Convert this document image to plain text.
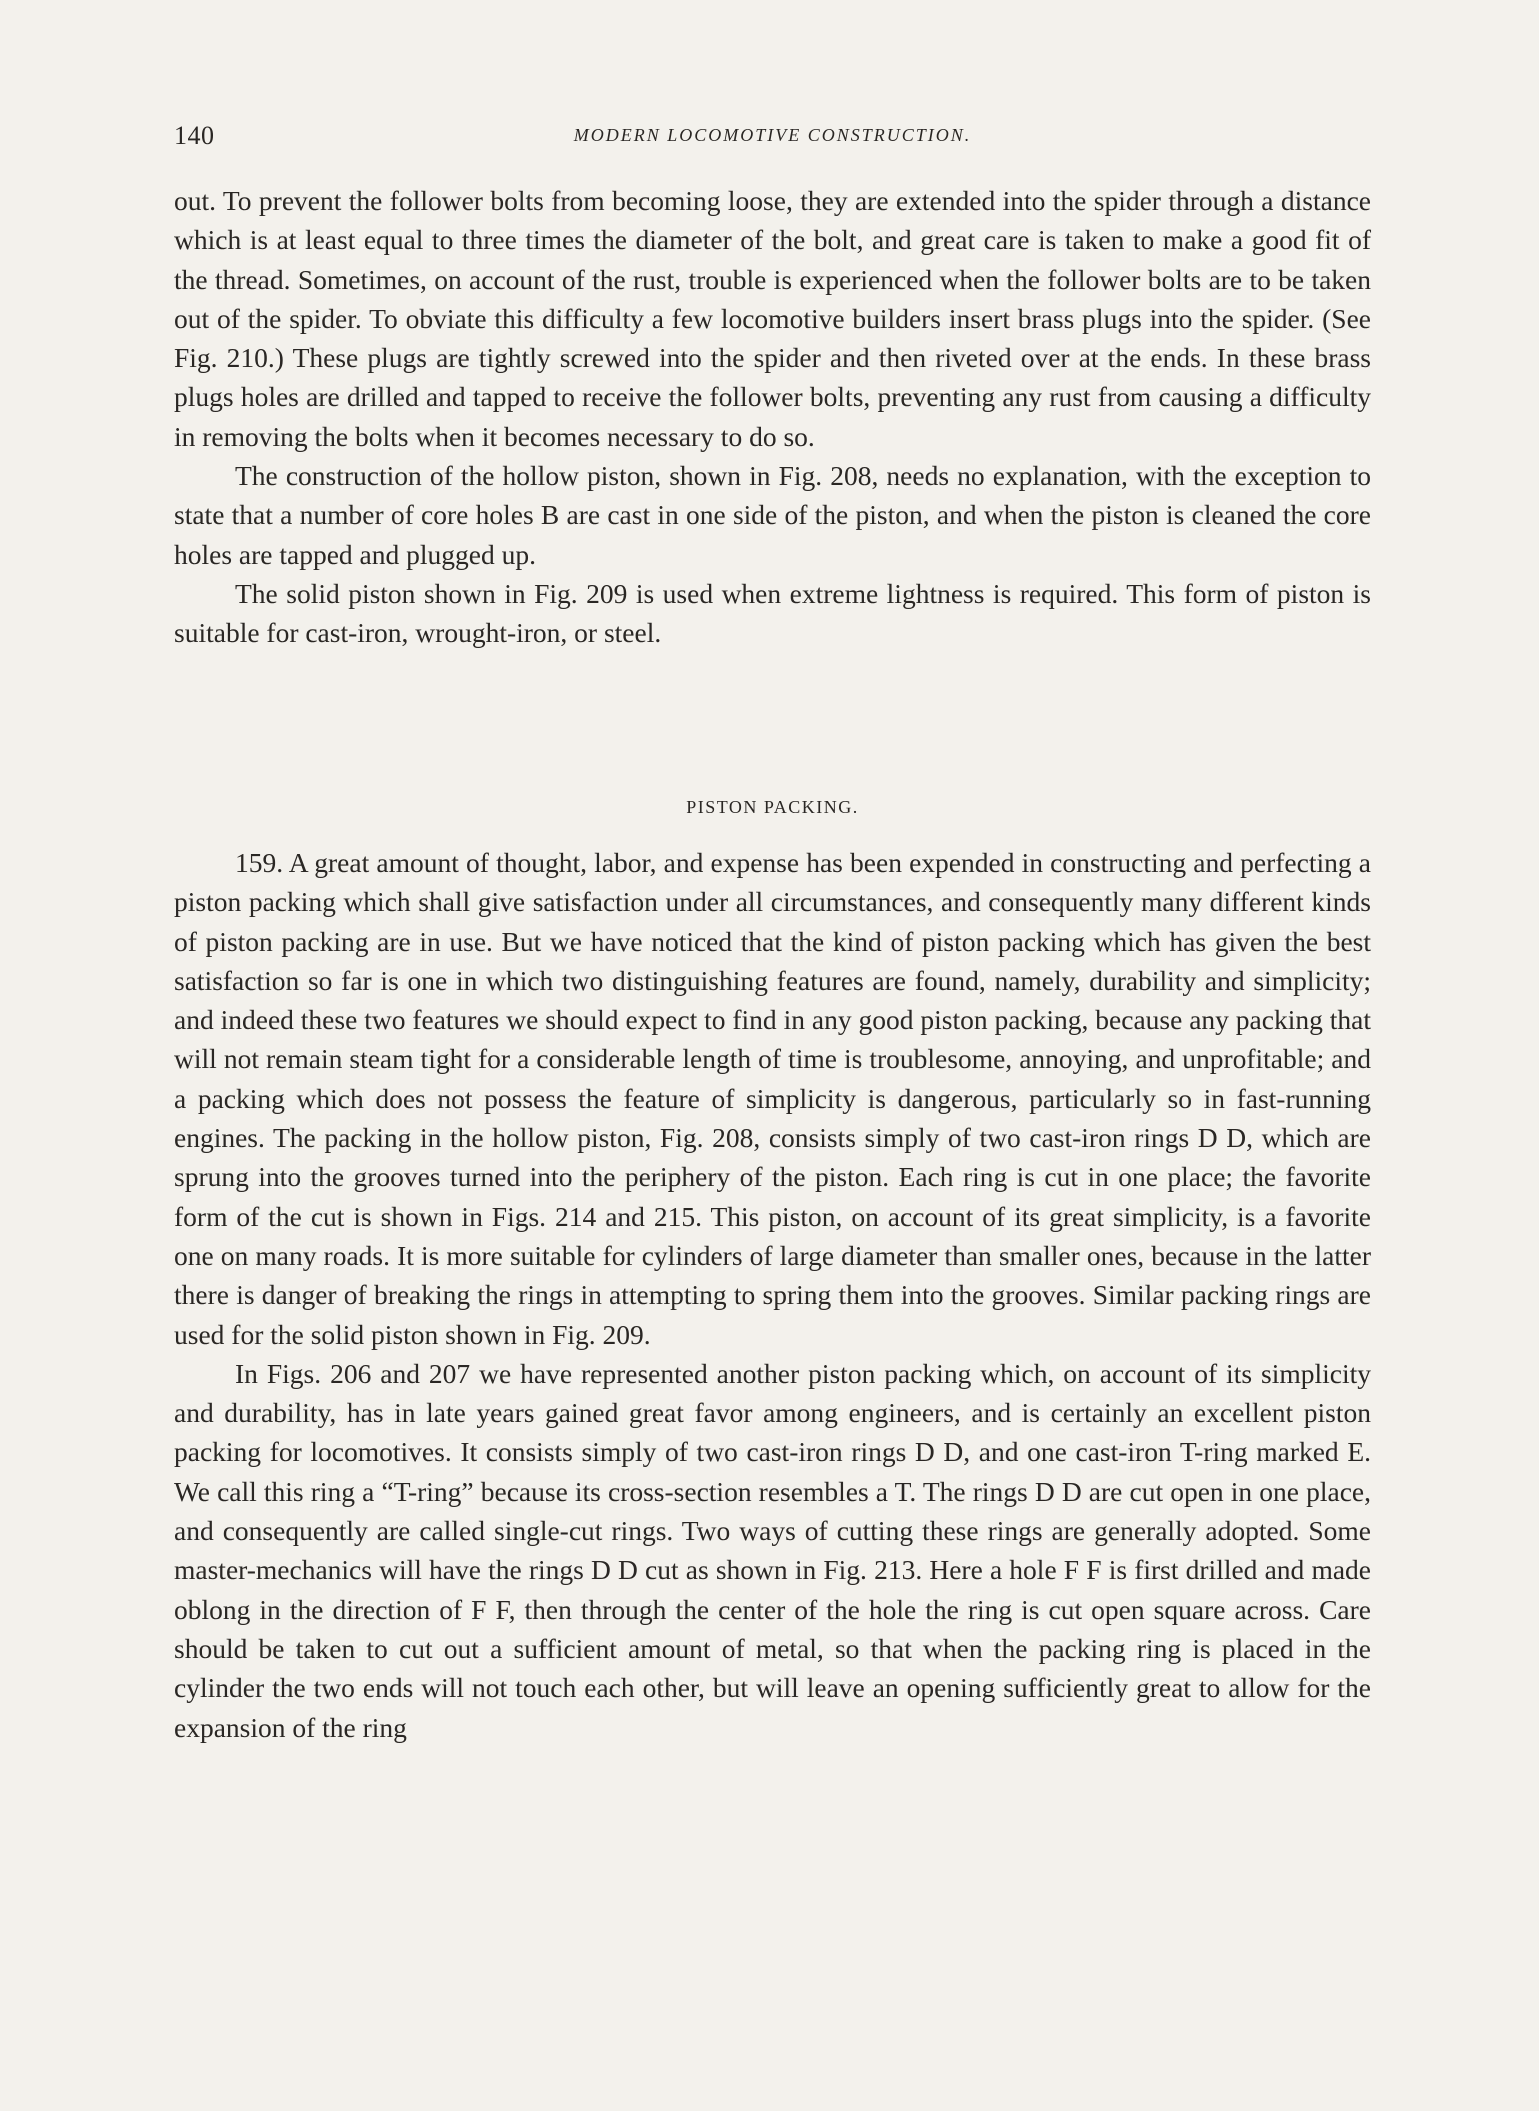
140	MODERN LOCOMOTIVE CONSTRUCTION.

out. To prevent the follower bolts from becoming loose, they are extended into the spider through a distance which is at least equal to three times the diameter of the bolt, and great care is taken to make a good fit of the thread. Sometimes, on account of the rust, trouble is experienced when the follower bolts are to be taken out of the spider. To obviate this difficulty a few locomotive builders insert brass plugs into the spider. (See Fig. 210.) These plugs are tightly screwed into the spider and then riveted over at the ends. In these brass plugs holes are drilled and tapped to receive the follower bolts, preventing any rust from causing a difficulty in removing the bolts when it becomes necessary to do so.

The construction of the hollow piston, shown in Fig. 208, needs no explanation, with the exception to state that a number of core holes B are cast in one side of the piston, and when the piston is cleaned the core holes are tapped and plugged up.

The solid piston shown in Fig. 209 is used when extreme lightness is required. This form of piston is suitable for cast-iron, wrought-iron, or steel.

PISTON PACKING.

159. A great amount of thought, labor, and expense has been expended in constructing and perfecting a piston packing which shall give satisfaction under all circumstances, and consequently many different kinds of piston packing are in use. But we have noticed that the kind of piston packing which has given the best satisfaction so far is one in which two distinguishing features are found, namely, durability and simplicity; and indeed these two features we should expect to find in any good piston packing, because any packing that will not remain steam tight for a considerable length of time is troublesome, annoying, and unprofitable; and a packing which does not possess the feature of simplicity is dangerous, particularly so in fast-running engines. The packing in the hollow piston, Fig. 208, consists simply of two cast-iron rings D D, which are sprung into the grooves turned into the periphery of the piston. Each ring is cut in one place; the favorite form of the cut is shown in Figs. 214 and 215. This piston, on account of its great simplicity, is a favorite one on many roads. It is more suitable for cylinders of large diameter than smaller ones, because in the latter there is danger of breaking the rings in attempting to spring them into the grooves. Similar packing rings are used for the solid piston shown in Fig. 209.

In Figs. 206 and 207 we have represented another piston packing which, on account of its simplicity and durability, has in late years gained great favor among engineers, and is certainly an excellent piston packing for locomotives. It consists simply of two cast-iron rings D D, and one cast-iron T-ring marked E. We call this ring a “T-ring” because its cross-section resembles a T. The rings D D are cut open in one place, and consequently are called single-cut rings. Two ways of cutting these rings are generally adopted. Some master-mechanics will have the rings D D cut as shown in Fig. 213. Here a hole F F is first drilled and made oblong in the direction of F F, then through the center of the hole the ring is cut open square across. Care should be taken to cut out a sufficient amount of metal, so that when the packing ring is placed in the cylinder the two ends will not touch each other, but will leave an opening sufficiently great to allow for the expansion of the ring
